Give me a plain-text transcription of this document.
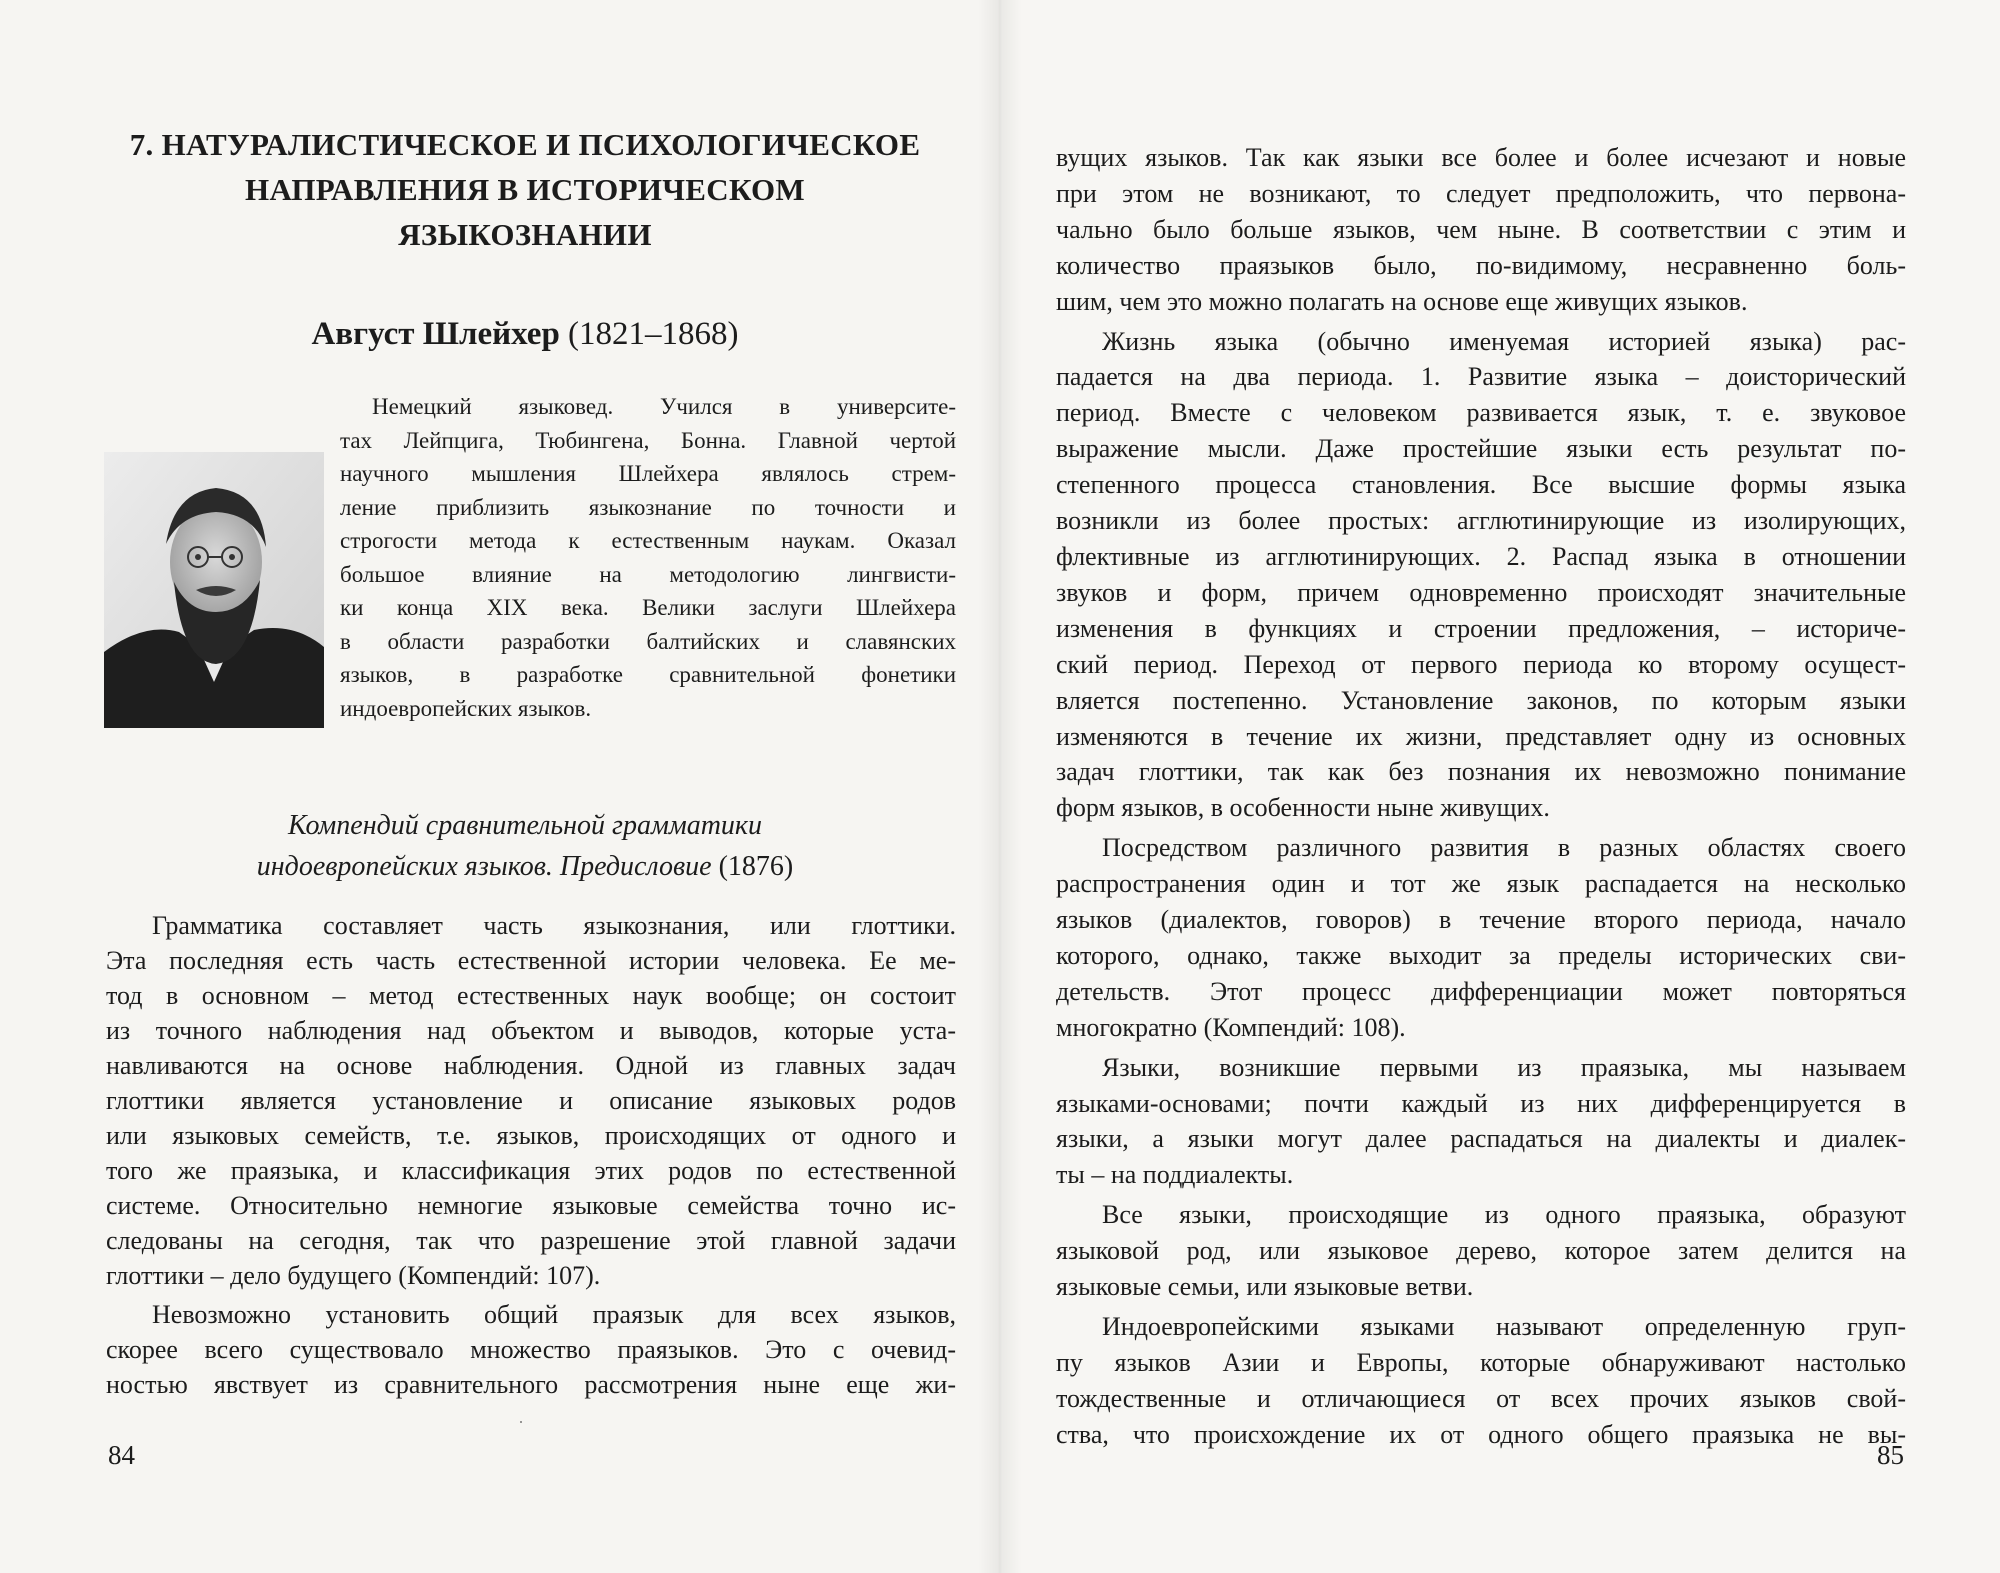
7. НАТУРАЛИСТИЧЕСКОЕ И ПСИХОЛОГИЧЕСКОЕ
НАПРАВЛЕНИЯ В ИСТОРИЧЕСКОМ
ЯЗЫКОЗНАНИИ
Август Шлейхер (1821–1868)
Немецкий языковед. Учился в университе-
тах Лейпцига, Тюбингена, Бонна. Главной чертой
научного мышления Шлейхера являлось стрем-
ление приблизить языкознание по точности и
строгости метода к естественным наукам. Оказал
большое влияние на методологию лингвисти-
ки конца XIX века. Велики заслуги Шлейхера
в области разработки балтийских и славянских
языков, в разработке сравнительной фонетики
индоевропейских языков.
Компендий сравнительной грамматики
индоевропейских языков. Предисловие (1876)
Грамматика составляет часть языкознания, или глоттики.
Эта последняя есть часть естественной истории человека. Ее ме-
тод в основном – метод естественных наук вообще; он состоит
из точного наблюдения над объектом и выводов, которые уста-
навливаются на основе наблюдения. Одной из главных задач
глоттики является установление и описание языковых родов
или языковых семейств, т.е. языков, происходящих от одного и
того же праязыка, и классификация этих родов по естественной
системе. Относительно немногие языковые семейства точно ис-
следованы на сегодня, так что разрешение этой главной задачи
глоттики – дело будущего (Компендий: 107).
Невозможно установить общий праязык для всех языков,
скорее всего существовало множество праязыков. Это с очевид-
ностью явствует из сравнительного рассмотрения ныне еще жи-
84
вущих языков. Так как языки все более и более исчезают и новые
при этом не возникают, то следует предположить, что первона-
чально было больше языков, чем ныне. В соответствии с этим и
количество праязыков было, по-видимому, несравненно боль-
шим, чем это можно полагать на основе еще живущих языков.
Жизнь языка (обычно именуемая историей языка) рас-
падается на два периода. 1. Развитие языка – доисторический
период. Вместе с человеком развивается язык, т. е. звуковое
выражение мысли. Даже простейшие языки есть результат по-
степенного процесса становления. Все высшие формы языка
возникли из более простых: агглютинирующие из изолирующих,
флективные из агглютинирующих. 2. Распад языка в отношении
звуков и форм, причем одновременно происходят значительные
изменения в функциях и строении предложения, – историче-
ский период. Переход от первого периода ко второму осущест-
вляется постепенно. Установление законов, по которым языки
изменяются в течение их жизни, представляет одну из основных
задач глоттики, так как без познания их невозможно понимание
форм языков, в особенности ныне живущих.
Посредством различного развития в разных областях своего
распространения один и тот же язык распадается на несколько
языков (диалектов, говоров) в течение второго периода, начало
которого, однако, также выходит за пределы исторических сви-
детельств. Этот процесс дифференциации может повторяться
многократно (Компендий: 108).
Языки, возникшие первыми из праязыка, мы называем
языками-основами; почти каждый из них дифференцируется в
языки, а языки могут далее распадаться на диалекты и диалек-
ты – на поддиалекты.
Все языки, происходящие из одного праязыка, образуют
языковой род, или языковое дерево, которое затем делится на
языковые семьи, или языковые ветви.
Индоевропейскими языками называют определенную груп-
пу языков Азии и Европы, которые обнаруживают настолько
тождественные и отличающиеся от всех прочих языков свой-
ства, что происхождение их от одного общего праязыка не вы-
85
